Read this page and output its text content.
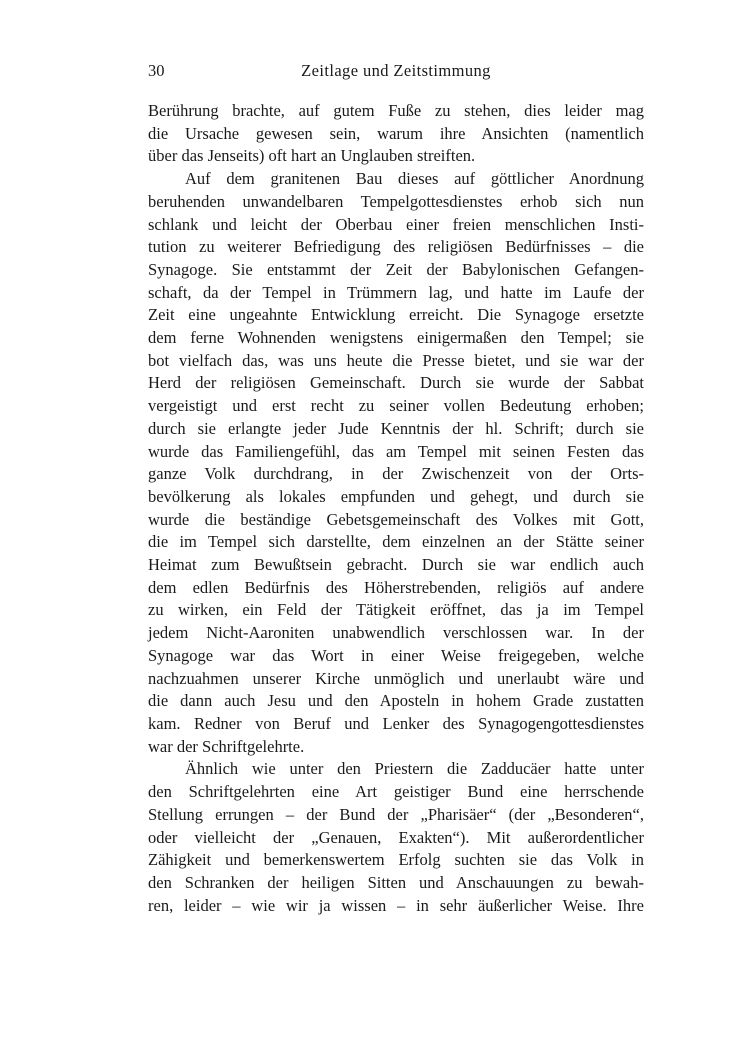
30	Zeitlage und Zeitstimmung
Berührung brachte, auf gutem Fuße zu stehen, dies leider mag
die Ursache gewesen sein, warum ihre Ansichten (namentlich
über das Jenseits) oft hart an Unglauben streiften.
Auf dem granitenen Bau dieses auf göttlicher Anordnung
beruhenden unwandelbaren Tempelgottesdienstes erhob sich nun
schlank und leicht der Oberbau einer freien menschlichen Insti-
tution zu weiterer Befriedigung des religiösen Bedürfnisses – die
Synagoge. Sie entstammt der Zeit der Babylonischen Gefangen-
schaft, da der Tempel in Trümmern lag, und hatte im Laufe der
Zeit eine ungeahnte Entwicklung erreicht. Die Synagoge ersetzte
dem ferne Wohnenden wenigstens einigermaßen den Tempel; sie
bot vielfach das, was uns heute die Presse bietet, und sie war der
Herd der religiösen Gemeinschaft. Durch sie wurde der Sabbat
vergeistigt und erst recht zu seiner vollen Bedeutung erhoben;
durch sie erlangte jeder Jude Kenntnis der hl. Schrift; durch sie
wurde das Familiengefühl, das am Tempel mit seinen Festen das
ganze Volk durchdrang, in der Zwischenzeit von der Orts-
bevölkerung als lokales empfunden und gehegt, und durch sie
wurde die beständige Gebetsgemeinschaft des Volkes mit Gott,
die im Tempel sich darstellte, dem einzelnen an der Stätte seiner
Heimat zum Bewußtsein gebracht. Durch sie war endlich auch
dem edlen Bedürfnis des Höherstrebenden, religiös auf andere
zu wirken, ein Feld der Tätigkeit eröffnet, das ja im Tempel
jedem Nicht-Aaroniten unabwendlich verschlossen war. In der
Synagoge war das Wort in einer Weise freigegeben, welche
nachzuahmen unserer Kirche unmöglich und unerlaubt wäre und
die dann auch Jesu und den Aposteln in hohem Grade zustatten
kam. Redner von Beruf und Lenker des Synagogengottesdienstes
war der Schriftgelehrte.
Ähnlich wie unter den Priestern die Zadducäer hatte unter
den Schriftgelehrten eine Art geistiger Bund eine herrschende
Stellung errungen – der Bund der „Pharisäer“ (der „Besonderen“,
oder vielleicht der „Genauen, Exakten“). Mit außerordentlicher
Zähigkeit und bemerkenswertem Erfolg suchten sie das Volk in
den Schranken der heiligen Sitten und Anschauungen zu bewah-
ren, leider – wie wir ja wissen – in sehr äußerlicher Weise. Ihre
